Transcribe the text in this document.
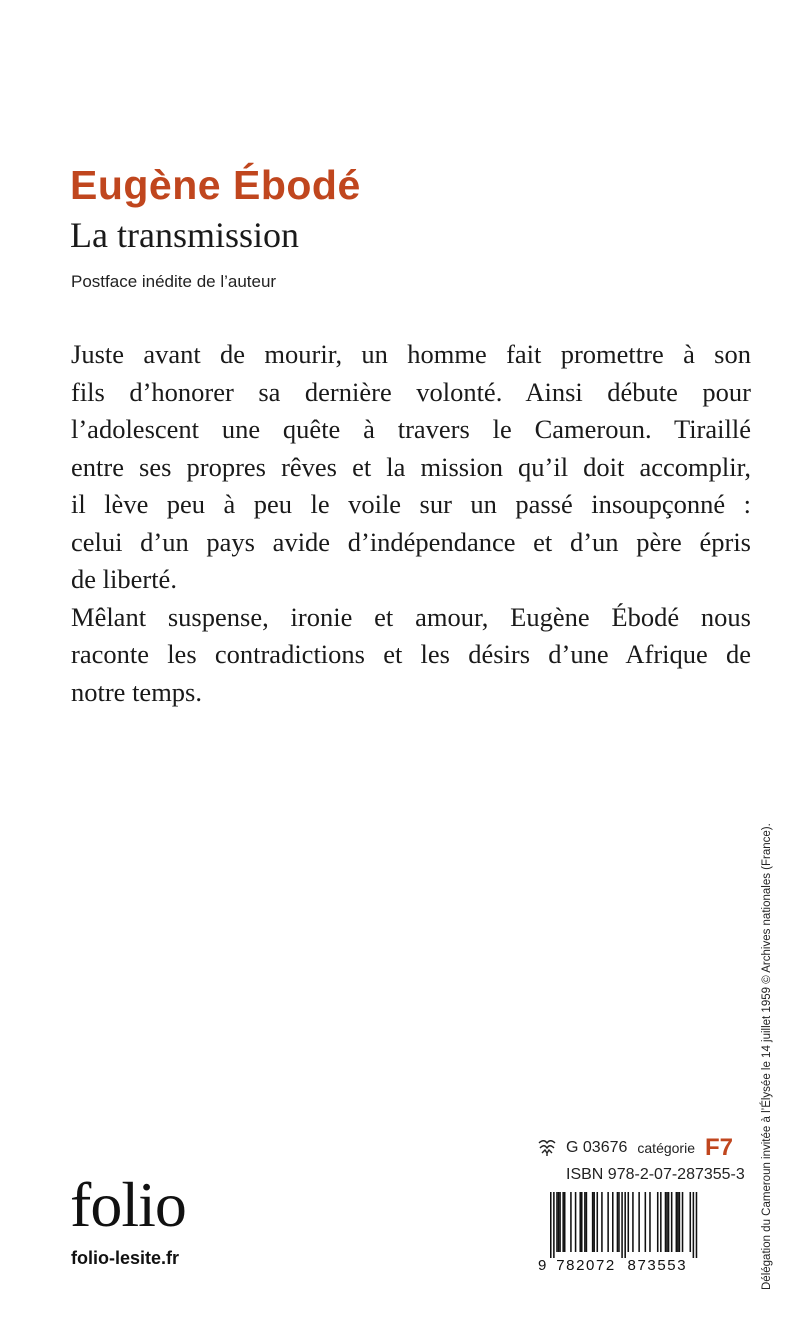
Eugène Ébodé
La transmission
Postface inédite de l’auteur

Juste avant de mourir, un homme fait promettre à son
fils d’honorer sa dernière volonté. Ainsi débute pour
l’adolescent une quête à travers le Cameroun. Tiraillé
entre ses propres rêves et la mission qu’il doit accomplir,
il lève peu à peu le voile sur un passé insoupçonné :
celui d’un pays avide d’indépendance et d’un père épris
de liberté.

Mêlant suspense, ironie et amour, Eugène Ébodé nous
raconte les contradictions et les désirs d’une Afrique de
notre temps.

Délégation du Cameroun invitée à l’Élysée le 14 juillet 1959 © Archives nationales (France).
G 03676 catégorie F7
ISBN 978-2-07-287355-3
9 782072 873553
folio
folio-lesite.fr
